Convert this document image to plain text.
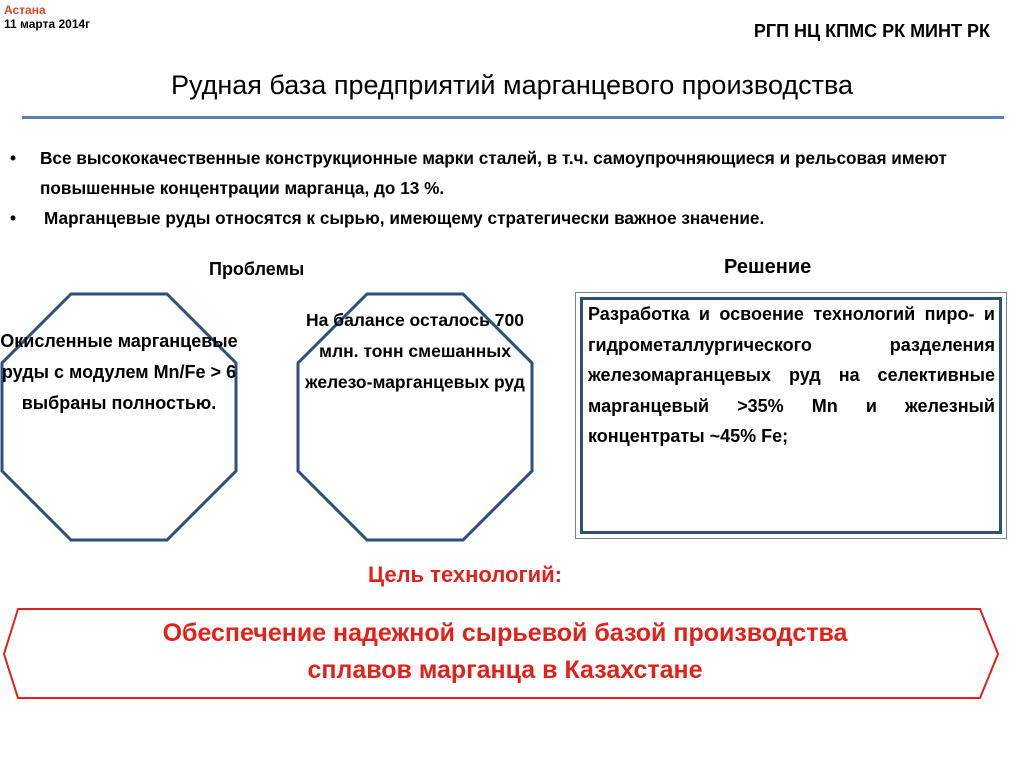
Астана
11 марта 2014г	РГП НЦ КПМС РК МИНТ РК
Рудная база предприятий марганцевого производства
• Все высококачественные конструкционные марки сталей, в т.ч. самоупрочняющиеся и рельсовая имеют повышенные концентрации марганца, до 13 %.
• Марганцевые руды относятся к сырью, имеющему стратегически важное значение.
Проблемы	Решение
Окисленные марганцевые руды с модулем Mn/Fe > 6 выбраны полностью.
На балансе осталось 700 млн. тонн смешанных железо-марганцевых руд
Разработка и освоение технологий пиро- и гидрометаллургического разделения железомарганцевых руд на селективные марганцевый >35% Mn и железный концентраты ~45% Fe;
Цель технологий:
Обеспечение надежной сырьевой базой производства
сплавов марганца в Казахстане
